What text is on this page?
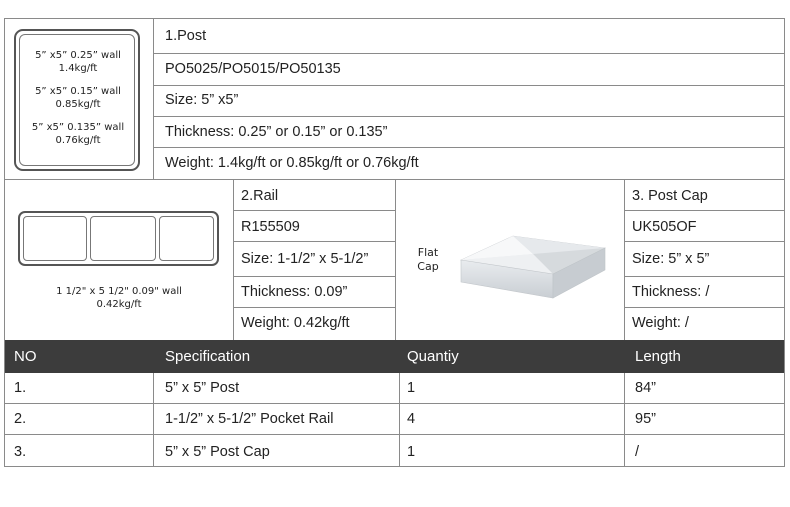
5” x5” 0.25” wall
1.4kg/ft
5” x5” 0.15” wall
0.85kg/ft
5” x5” 0.135” wall
0.76kg/ft
1.Post
PO5025/PO5015/PO50135
Size: 5” x5”
Thickness: 0.25” or 0.15” or 0.135”
Weight: 1.4kg/ft or 0.85kg/ft or 0.76kg/ft
1 1/2" x 5 1/2" 0.09" wall
0.42kg/ft
2.Rail
R155509
Size: 1-1/2” x 5-1/2”
Thickness: 0.09”
Weight: 0.42kg/ft
Flat
Cap
3. Post Cap
UK505OF
Size: 5” x 5”
Thickness: /
Weight: /
NO	Specification	Quantiy	Length
1.	5” x 5” Post	1	84”
2.	1-1/2” x 5-1/2” Pocket Rail	4	95”
3.	5” x 5” Post Cap	1	/
